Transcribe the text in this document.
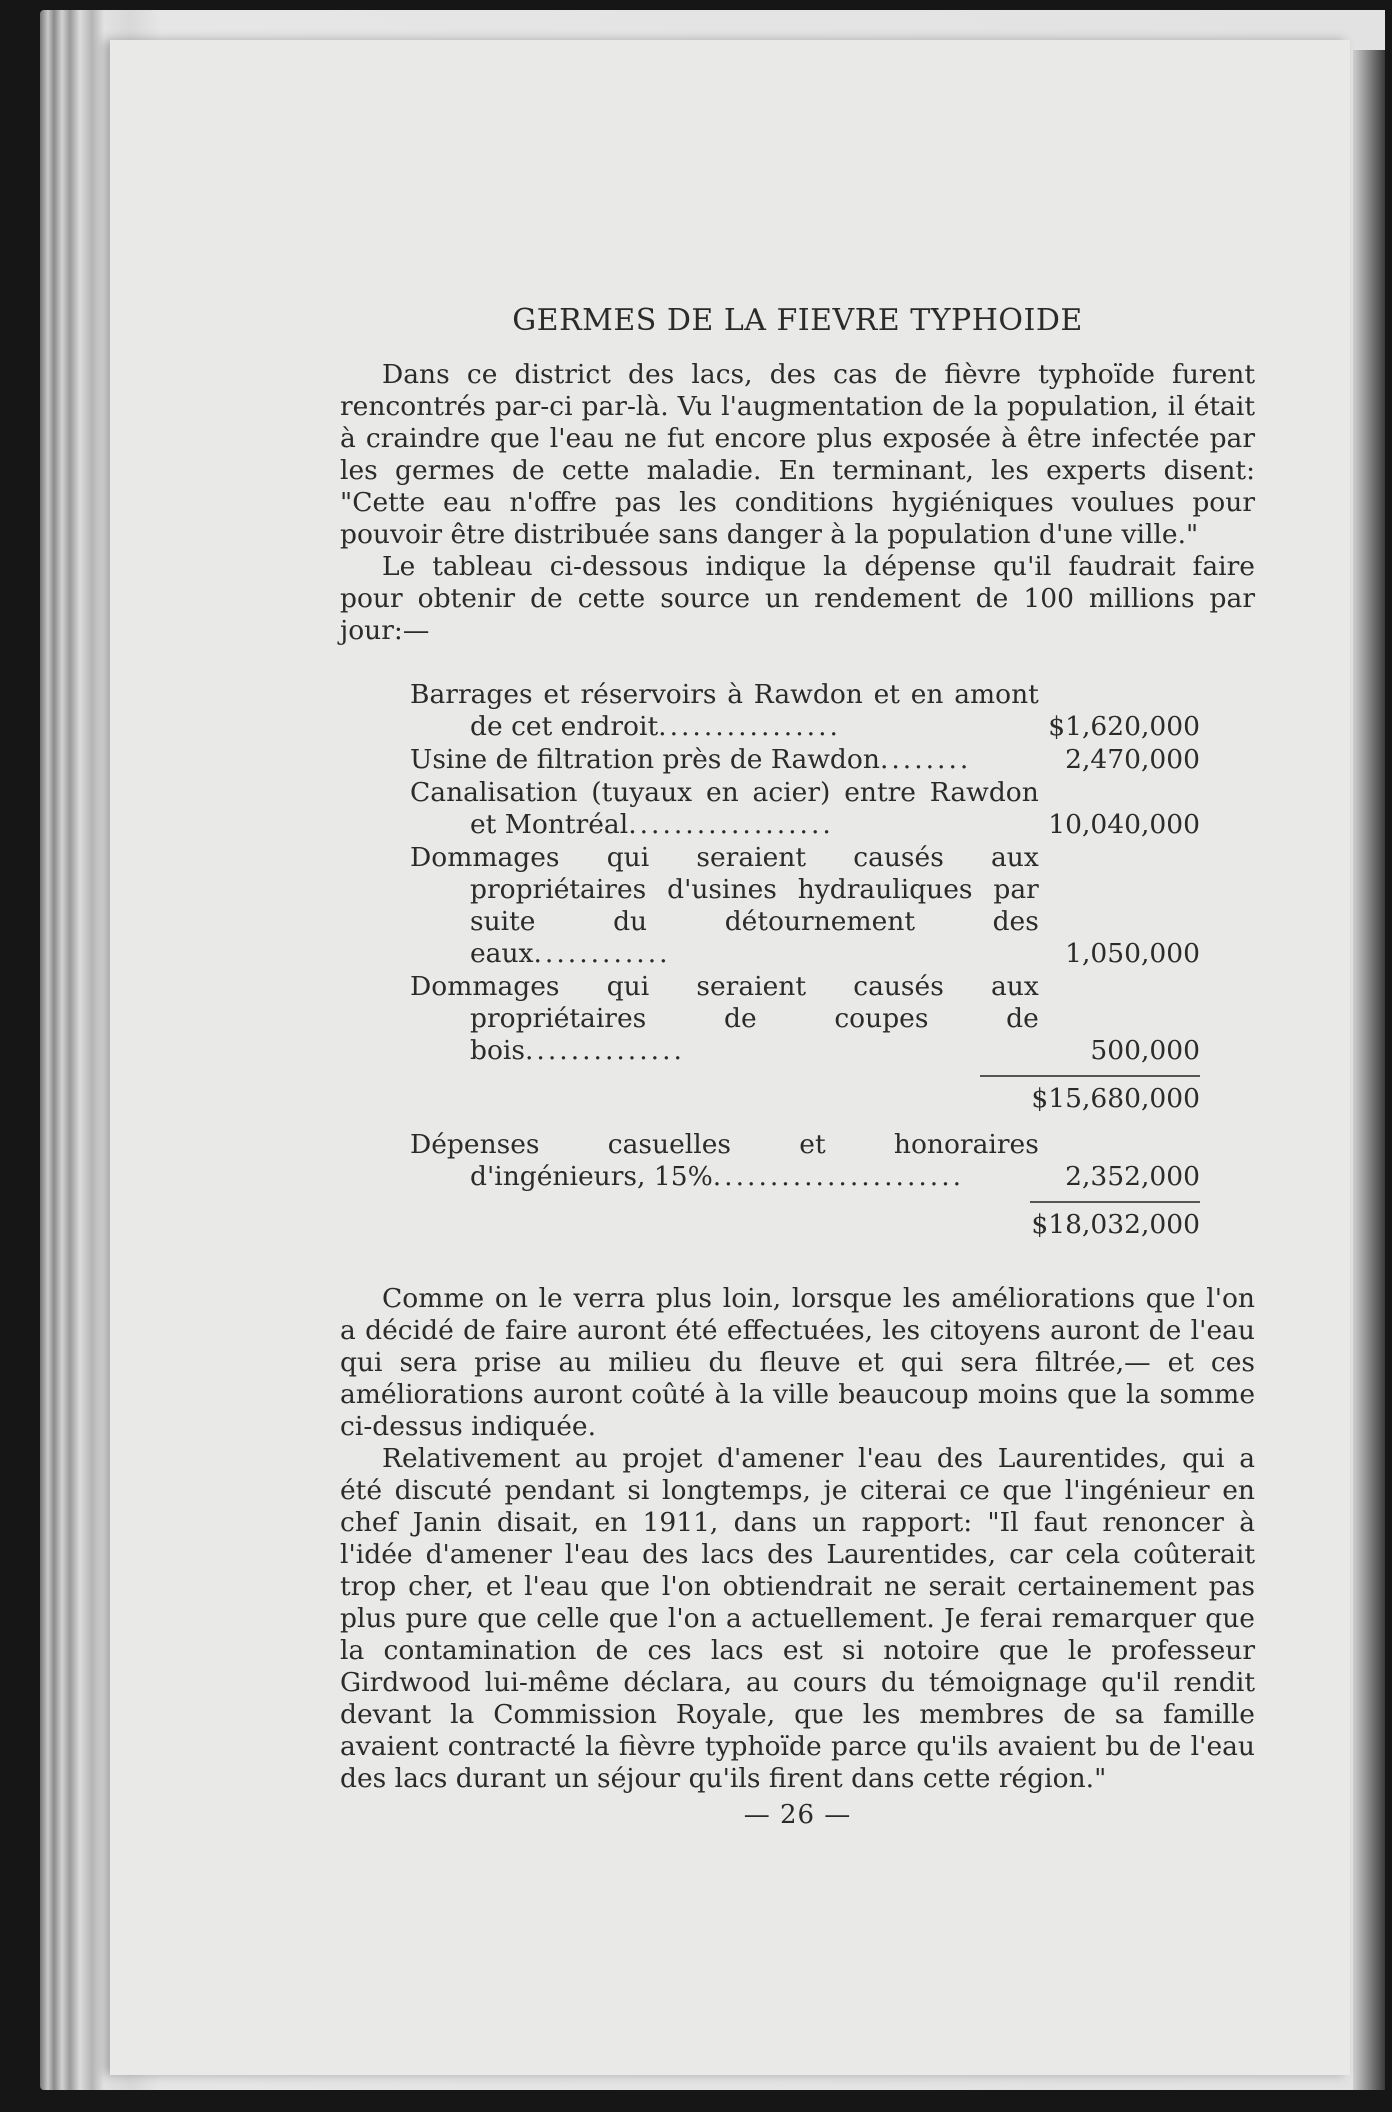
GERMES DE LA FIEVRE TYPHOIDE

Dans ce district des lacs, des cas de fièvre typhoïde furent rencontrés par-ci par-là. Vu l'augmentation de la population, il était à craindre que l'eau ne fut encore plus exposée à être infectée par les germes de cette maladie. En terminant, les experts disent: "Cette eau n'offre pas les conditions hygiéniques voulues pour pouvoir être distribuée sans danger à la population d'une ville."

Le tableau ci-dessous indique la dépense qu'il faudrait faire pour obtenir de cette source un rendement de 100 millions par jour:—

Barrages et réservoirs à Rawdon et en amont de cet endroit................	$1,620,000
Usine de filtration près de Rawdon........	2,470,000
Canalisation (tuyaux en acier) entre Rawdon et Montréal..................	10,040,000
Dommages qui seraient causés aux propriétaires d'usines hydrauliques par suite du détournement des eaux............	1,050,000
Dommages qui seraient causés aux propriétaires de coupes de bois..............	500,000
$15,680,000
Dépenses casuelles et honoraires d'ingénieurs, 15%......................	2,352,000
$18,032,000

Comme on le verra plus loin, lorsque les améliorations que l'on a décidé de faire auront été effectuées, les citoyens auront de l'eau qui sera prise au milieu du fleuve et qui sera filtrée,— et ces améliorations auront coûté à la ville beaucoup moins que la somme ci-dessus indiquée.

Relativement au projet d'amener l'eau des Laurentides, qui a été discuté pendant si longtemps, je citerai ce que l'ingénieur en chef Janin disait, en 1911, dans un rapport: "Il faut renoncer à l'idée d'amener l'eau des lacs des Laurentides, car cela coûterait trop cher, et l'eau que l'on obtiendrait ne serait certainement pas plus pure que celle que l'on a actuellement. Je ferai remarquer que la contamination de ces lacs est si notoire que le professeur Girdwood lui-même déclara, au cours du témoignage qu'il rendit devant la Commission Royale, que les membres de sa famille avaient contracté la fièvre typhoïde parce qu'ils avaient bu de l'eau des lacs durant un séjour qu'ils firent dans cette région."

— 26 —
